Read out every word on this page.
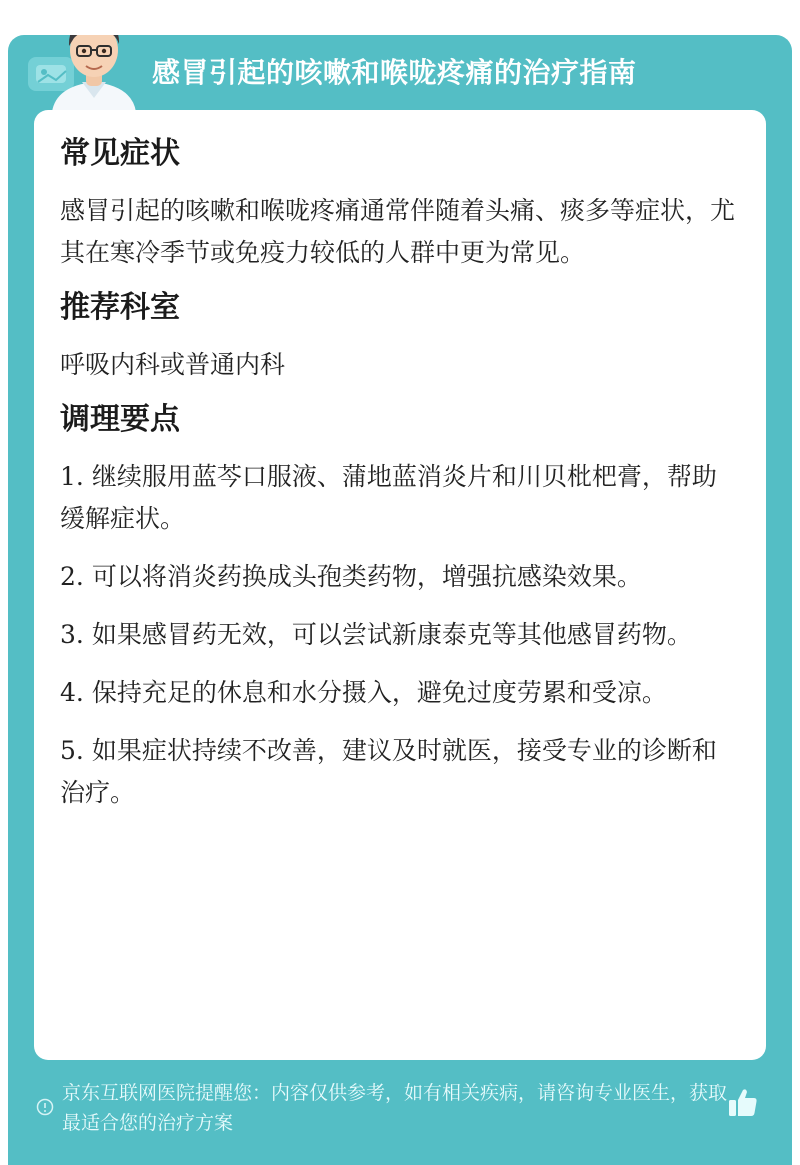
感冒引起的咳嗽和喉咙疼痛的治疗指南
常见症状

感冒引起的咳嗽和喉咙疼痛通常伴随着头痛、痰多等症状，尤其在寒冷季节或免疫力较低的人群中更为常见。

推荐科室

呼吸内科或普通内科

调理要点

1. 继续服用蓝芩口服液、蒲地蓝消炎片和川贝枇杷膏，帮助缓解症状。

2. 可以将消炎药换成头孢类药物，增强抗感染效果。

3. 如果感冒药无效，可以尝试新康泰克等其他感冒药物。

4. 保持充足的休息和水分摄入，避免过度劳累和受凉。

5. 如果症状持续不改善，建议及时就医，接受专业的诊断和治疗。

京东互联网医院提醒您：内容仅供参考，如有相关疾病，请咨询专业医生，获取最适合您的治疗方案
